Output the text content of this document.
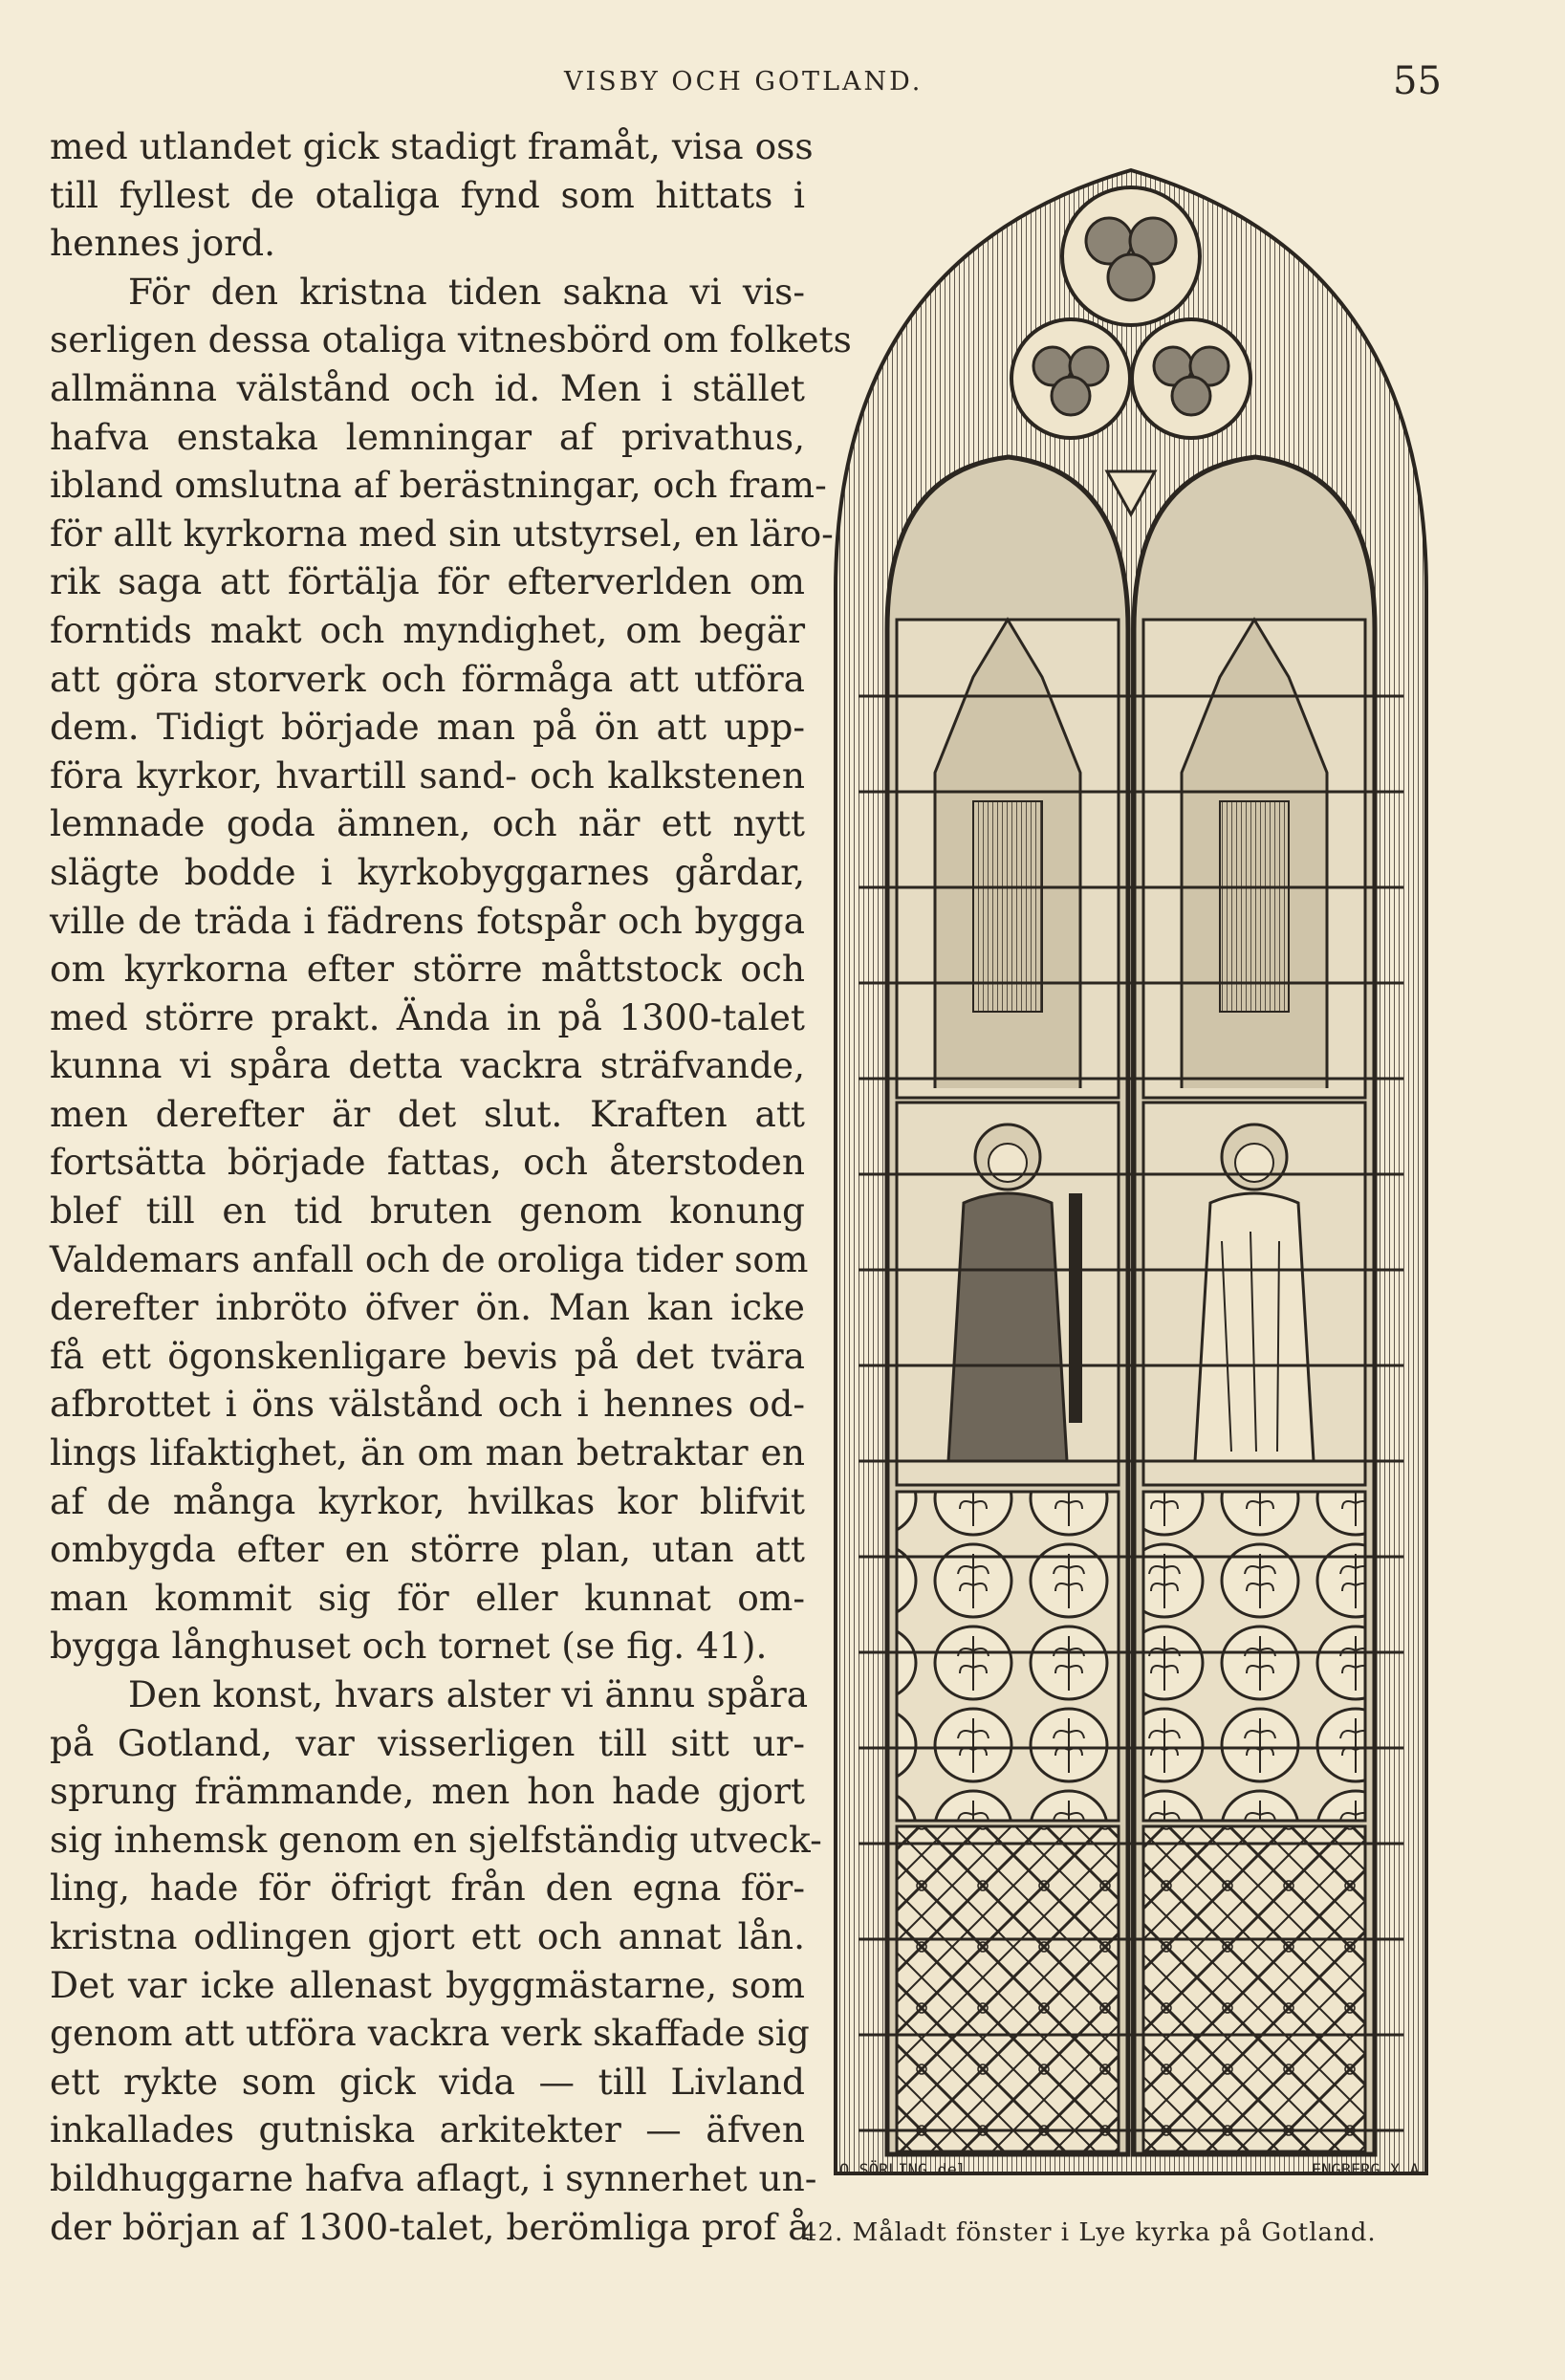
VISBY OCH GOTLAND.	55
med utlandet gick stadigt framåt, visa oss
till fyllest de otaliga fynd som hittats i
hennes jord.
För den kristna tiden sakna vi vis-
serligen dessa otaliga vitnesbörd om folkets
allmänna välstånd och id. Men i stället
hafva enstaka lemningar af privathus,
ibland omslutna af berästningar, och fram-
för allt kyrkorna med sin utstyrsel, en lärо-
rik saga att förtälja för efterverlden om
forntids makt och myndighet, om begär
att göra storverk och förmåga att utföra
dem. Tidigt började man på ön att upp-
föra kyrkor, hvartill sand- och kalkstenen
lemnade goda ämnen, och när ett nytt
slägte bodde i kyrkobyggarnes gårdar,
ville de träda i fädrens fotspår och bygga
om kyrkorna efter större måttstock och
med större prakt. Ända in på 1300-talet
kunna vi spåra detta vackra sträfvande,
men derefter är det slut. Kraften att
fortsätta började fattas, och återstoden
blef till en tid bruten genom konung
Valdemars anfall och de oroliga tider som
derefter inbröto öfver ön. Man kan icke
få ett ögonskenligare bevis på det tvära
afbrottet i öns välstånd och i hennes od-
lings lifaktighet, än om man betraktar en
af de många kyrkor, hvilkas kor blifvit
ombygda efter en större plan, utan att
man kommit sig för eller kunnat om-
bygga långhuset och tornet (se fig. 41).
Den konst, hvars alster vi ännu spåra
på Gotland, var visserligen till sitt ur-
sprung främmande, men hon hade gjort
sig inhemsk genom en sjelfständig utveck-
ling, hade för öfrigt från den egna för-
kristna odlingen gjort ett och annat lån.
Det var icke allenast byggmästarne, som
genom att utföra vackra verk skaffade sig
ett rykte som gick vida — till Livland
inkallades gutniska arkitekter — äfven
bildhuggarne hafva aflagt, i synnerhet un-
der början af 1300-talet, berömliga prof å
O.SÖRLING.del.	ENGBERG.X.A.
42. Måladt fönster i Lye kyrka på Gotland.
